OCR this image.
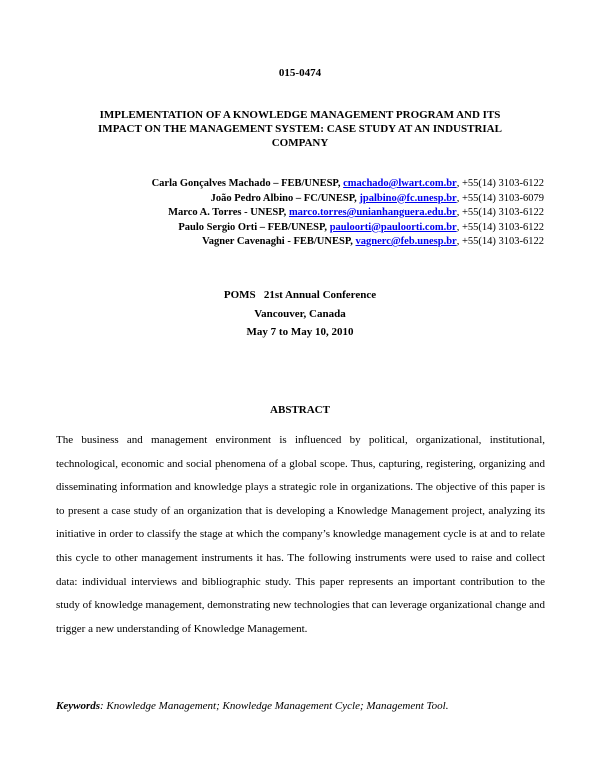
015-0474
IMPLEMENTATION OF A KNOWLEDGE MANAGEMENT PROGRAM AND ITS IMPACT ON THE MANAGEMENT SYSTEM: CASE STUDY AT AN INDUSTRIAL COMPANY
Carla Gonçalves Machado – FEB/UNESP, cmachado@lwart.com.br, +55(14) 3103-6122
João Pedro Albino – FC/UNESP, jpalbino@fc.unesp.br, +55(14) 3103-6079
Marco A. Torres - UNESP, marco.torres@unianhanguera.edu.br, +55(14) 3103-6122
Paulo Sergio Orti – FEB/UNESP, pauloorti@pauloorti.com.br, +55(14) 3103-6122
Vagner Cavenaghi - FEB/UNESP, vagnerc@feb.unesp.br, +55(14) 3103-6122
POMS   21st Annual Conference
Vancouver, Canada
May 7 to May 10, 2010
ABSTRACT

The business and management environment is influenced by political, organizational, institutional, technological, economic and social phenomena of a global scope. Thus, capturing, registering, organizing and disseminating information and knowledge plays a strategic role in organizations. The objective of this paper is to present a case study of an organization that is developing a Knowledge Management project, analyzing its initiative in order to classify the stage at which the company’s knowledge management cycle is at and to relate this cycle to other management instruments it has. The following instruments were used to raise and collect data: individual interviews and bibliographic study. This paper represents an important contribution to the study of knowledge management, demonstrating new technologies that can leverage organizational change and trigger a new understanding of Knowledge Management.

Keywords: Knowledge Management; Knowledge Management Cycle; Management Tool.
